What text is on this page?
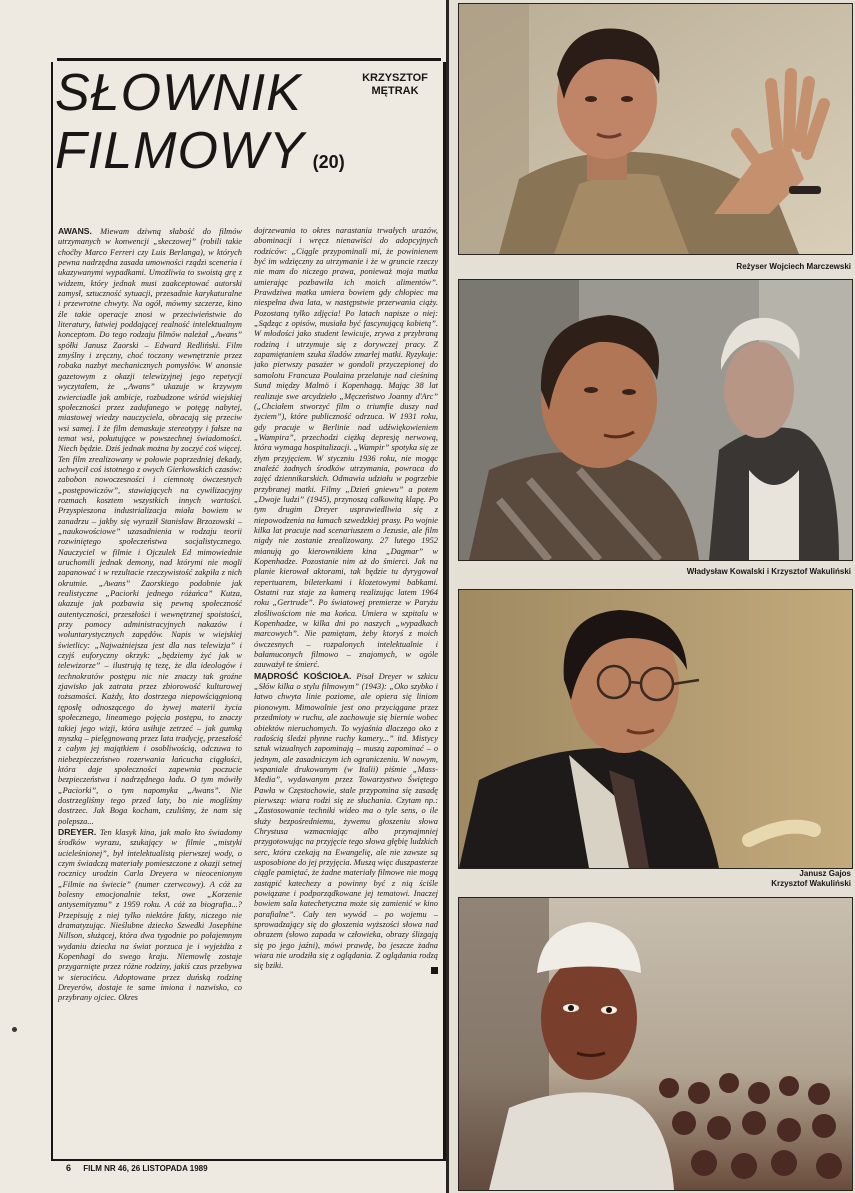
SŁOWNIK
FILMOWY (20)
KRZYSZTOF
MĘTRAK

AWANS. Miewam dziwną słabość do filmów utrzymanych w konwencji „skeczowej” (robili takie choćby Marco Ferreri czy Luis Berlanga), w których pewna nadrzędna zasada umowności rządzi sceneria i ukazywanymi wypadkami. Umożliwia to swoistą grę z widzem, który jednak musi zaakceptować autorski zamysł, sztuczność sytuacji, przesadnie karykaturalne i przewrotne chwyty. Na ogół, mówmy szczerze, kino źle takie operacje znosi w przeciwieństwie do literatury, łatwiej poddającej realność intelektualnym konceptom. Do tego rodzaju filmów należał „Awans” spółki Janusz Zaorski – Edward Redliński. Film zmyślny i zręczny, choć toczony wewnętrznie przez robaka nazbyt mechanicznych pomysłów. W anonsie gazetowym z okazji telewizyjnej jego repetycji wyczytałem, że „Awans” ukazuje w krzywym zwierciadle jak ambicje, rozbudzone wśród wiejskiej społeczności przez zadufanego w potęgę nabytej, miastowej wiedzy nauczyciela, obracają się przeciw wsi samej. I że film demaskuje stereotypy i fałsze na temat wsi, pokutujące w powszechnej świadomości. Niech będzie. Dziś jednak można by zoczyć coś więcej. Ten film zrealizowany w połowie poprzedniej dekady, uchwycił coś istotnego z owych Gierkowskich czasów: zabobon nowoczesności i ciemnotę ówczesnych „postępowiczów”, stawiających na cywilizacyjny rozmach kosztem wszystkich innych wartości. Przyspieszona industrializacja miała bowiem w zanadrzu – jakby się wyraził Stanisław Brzozowski – „naukowościowe” uzasadnienia w rodzaju teorii rozwiniętego społeczeństwa socjalistycznego. Nauczyciel w filmie i Ojczulek Ed mimowiednie uruchomili jednak demony, nad którymi nie mogli zapanować i w rezultacie rzeczywistość zakpiła z nich okrutnie. „Awans” Zaorskiego podobnie jak realistyczne „Paciorki jednego różańca” Kutza, ukazuje jak pozbawia się pewną społeczność autentyczności, przeszłości i wewnętrznej spoistości, przy pomocy administracyjnych nakazów i woluntarystycznych zapędów. Napis w wiejskiej świetlicy: „Najważniejsza jest dla nas telewizja” i czyjś euforyczny okrzyk: „będziemy żyć jak w telewizorze” – ilustrują tę tezę, że dla ideologów i technokratów postępu nic nie znaczy tak groźne zjawisko jak zatrata przez zbiorowość kulturowej tożsamości. Każdy, kto dostrzega niepowściągnioną tęposłę odnoszącego do żywej materii życia społecznego, lineamego pojęcia postępu, to znaczy takiej jego wizji, która usiłuje zetrzeć – jak gumką myszką – pielęgnowaną przez lata tradycję, przeszłość z całym jej majątkiem i osobliwością, odczuwa to niebezpieczeństwo rozerwania łańcucha ciągłości, która daje społeczności zapewnia poczucie bezpieczeństwa i nadrzędnego ładu. O tym mówiły „Paciorki”, o tym napomyka „Awans”. Nie dostrzegliśmy tego przed laty, bo nie mogliśmy dostrzec. Jak Boga kocham, czuliśmy, że nam się polepsza...

DREYER. Ten klasyk kina, jak mało kto świadomy środków wyrazu, szukający w filmie „mistyki ucieleśnionej”, był intelektualistą pierwszej wody, o czym świadczą materiały pomieszczone z okazji setnej rocznicy urodzin Carla Dreyera w nieocenionym „Filmie na świecie” (numer czerwcowy). A cóż za bolesny emocjonalnie tekst, owe „Korzenie antysemityzmu” z 1959 roku. A cóż za biografia...? Przepisuję z niej tylko niektóre fakty, niczego nie dramatyzując. Nieślubne dziecko Szwedki Josephine Nillson, służącej, która dwa tygodnie po połajemnym wydaniu dziecka na świat porzuca je i wyjeżdża z Kopenhagi do swego kraju. Niemowlę zostaje przygarnięte przez różne rodziny, jakiś czas przebywa w sierocińcu. Adoptowane przez duńską rodzinę Dreyerów, dostaje te same imiona i nazwisko, co przybrany ojciec. Okres

dojrzewania to okres narastania trwałych urazów, abominacji i wręcz nienawiści do adopcyjnych rodziców: „Ciągle przypominali mi, że powinienem być im wdzięczny za utrzymanie i że w gruncie rzeczy nie mam do niczego prawa, ponieważ moja matka umierając pozbawiła ich moich alimentów”. Prawdziwa matka umiera bowiem gdy chłopiec ma niespełna dwa lata, w następstwie przerwania ciąży. Pozostaną tylko zdjęcia! Po latach napisze o niej: „Sądząc z opisów, musiała być fascynującą kobietą”. W młodości jako student lewicuje, zrywa z przybraną rodziną i utrzymuje się z dorywczej pracy. Z zapamiętaniem szuka śladów zmarłej matki. Ryzykuje: jako pierwszy pasażer w gondoli przyczepionej do samolotu Francuza Poulaina przelatuje nad cieśniną Sund między Malmö i Kopenhagą. Mając 38 lat realizuje swe arcydzieło „Męczeństwo Joanny d'Arc” („Chciałem stworzyć film o triumfie duszy nad życiem”), które publiczność odrzuca. W 1931 roku, gdy pracuje w Berlinie nad udźwiękowieniem „Wampira”, przechodzi ciężką depresję nerwową, która wymaga hospitalizacji. „Wampir” spotyka się ze złym przyjęciem. W styczniu 1936 roku, nie mogąc znaleźć żadnych środków utrzymania, powraca do zajęć dziennikarskich. Odmawia udziału w pogrzebie przybranej matki. Filmy „Dzień gniewu” a potem „Dwoje ludzi” (1945), przynoszą całkowitą klapę. Po tym drugim Dreyer usprawiedliwia się z niepowodzenia na łamach szwedzkiej prasy. Po wojnie kilka lat pracuje nad scenariuszem o Jezusie, ale film nigdy nie zostanie zrealizowany. 27 lutego 1952 mianują go kierownikiem kina „Dagmar” w Kopenhadze. Pozostanie nim aż do śmierci. Jak na planie kierował aktorami, tak będzie tu dyrygował repertuarem, bileterkami i klozetowymi babkami. Ostatni raz staje za kamerą realizując latem 1964 roku „Gertrude”. Po światowej premierze w Paryżu złośliwościom nie ma końca. Umiera w szpitalu w Kopenhadze, w kilka dni po naszych „wypadkach marcowych”. Nie pamiętam, żeby ktoryś z moich ówczesnych – rozpalonych intelektualnie i bałamuconych filmowo – znajomych, w ogóle zauważył te śmierć.

MĄDROŚĆ KOŚCIOŁA. Pisał Dreyer w szkicu „Słów kilka o stylu filmowym” (1943): „Oko szybko i łatwo chwyta linie poziome, ale opiera się liniom pionowym. Mimowolnie jest ono przyciągane przez przedmioty w ruchu, ale zachowuje się biernie wobec obiektów nieruchomych. To wyjaśnia dlaczego oko z radością śledzi płynne ruchy kamery...” itd. Mistycy sztuk wizualnych zapominają – muszą zapominać – o jednym, ale zasadniczym ich ograniczeniu. W nowym, wspaniale drukowanym (w Italii) piśmie „Mass-Media”, wydawanym przez Towarzystwo Świętego Pawła w Częstochowie, stale przypomina się zasadę pierwszą: wiara rodzi się ze słuchania. Czytam np.: „Zastosowanie techniki wideo ma o tyle sens, o ile służy bezpośredniemu, żywemu głoszeniu słowa Chrystusa wzmacniając albo przynajmniej przygotowując na przyjęcie tego słowa głębię ludzkich serc, która czekają na Ewangelię, ale nie zawsze są usposobione do jej przyjęcia. Muszą więc duszpasterze ciągle pamiętać, że żadne materiały filmowe nie mogą zastąpić katechezy a powinny być z nią ściśle powiązane i podporządkowane jej tematowi. Inaczej bowiem sala katechetyczna może się zamienić w kino parafialne”. Cały ten wywód – po wojemu – sprowadzający się do głoszenia wyższości słowa nad obrazem (słowo zapada w człowieka, obrazy ślizgają się po jego jaźni), mówi prawdę, bo jeszcze żadna wiara nie urodziła się z oglądania. Z oglądania rodzą się bziki.

6 FILM NR 46, 26 LISTOPADA 1989
Reżyser Wojciech Marczewski
Władysław Kowalski i Krzysztof Wakuliński
Janusz Gajos
Krzysztof Wakuliński
